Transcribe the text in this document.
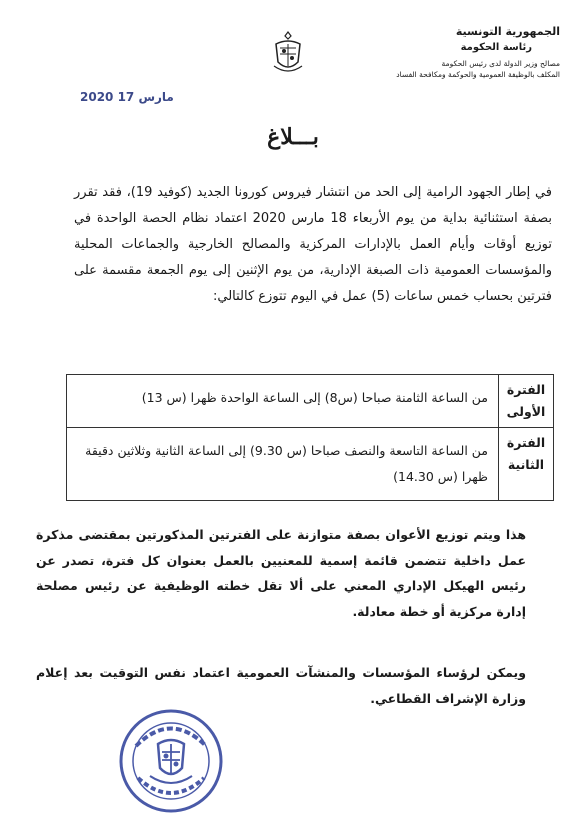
الجمهورية التونسية
رئاسة الحكومة
مصالح وزير الدولة لدى رئيس الحكومة
المكلف بالوظيفة العمومية والحوكمة ومكافحة الفساد
2020 مارس 17
بـــلاغ
في إطار الجهود الرامية إلى الحد من انتشار فيروس كورونا الجديد (كوفيد 19)، فقد تقرر بصفة استثنائية بداية من يوم الأربعاء 18 مارس 2020 اعتماد نظام الحصة الواحدة في توزيع أوقات وأيام العمل بالإدارات المركزية والمصالح الخارجية والجماعات المحلية والمؤسسات العمومية ذات الصبغة الإدارية، من يوم الإثنين إلى يوم الجمعة مقسمة على فترتين بحساب خمس ساعات (5) عمل في اليوم تتوزع كالتالي:
الفترة الأولى	من الساعة الثامنة صباحا (س8) إلى الساعة الواحدة ظهرا (س 13)
الفترة الثانية	من الساعة التاسعة والنصف صباحا (س 9.30) إلى الساعة الثانية وثلاثين دقيقة ظهرا (س 14.30)
هذا ويتم توزيع الأعوان بصفة متوازنة على الفترتين المذكورتين بمقتضى مذكرة عمل داخلية تتضمن قائمة إسمية للمعنيين بالعمل بعنوان كل فترة، تصدر عن رئيس الهيكل الإداري المعني على ألا تقل خطته الوظيفية عن رئيس مصلحة إدارة مركزية أو خطة معادلة.
ويمكن لرؤساء المؤسسات والمنشآت العمومية اعتماد نفس التوقيت بعد إعلام وزارة الإشراف القطاعي.
